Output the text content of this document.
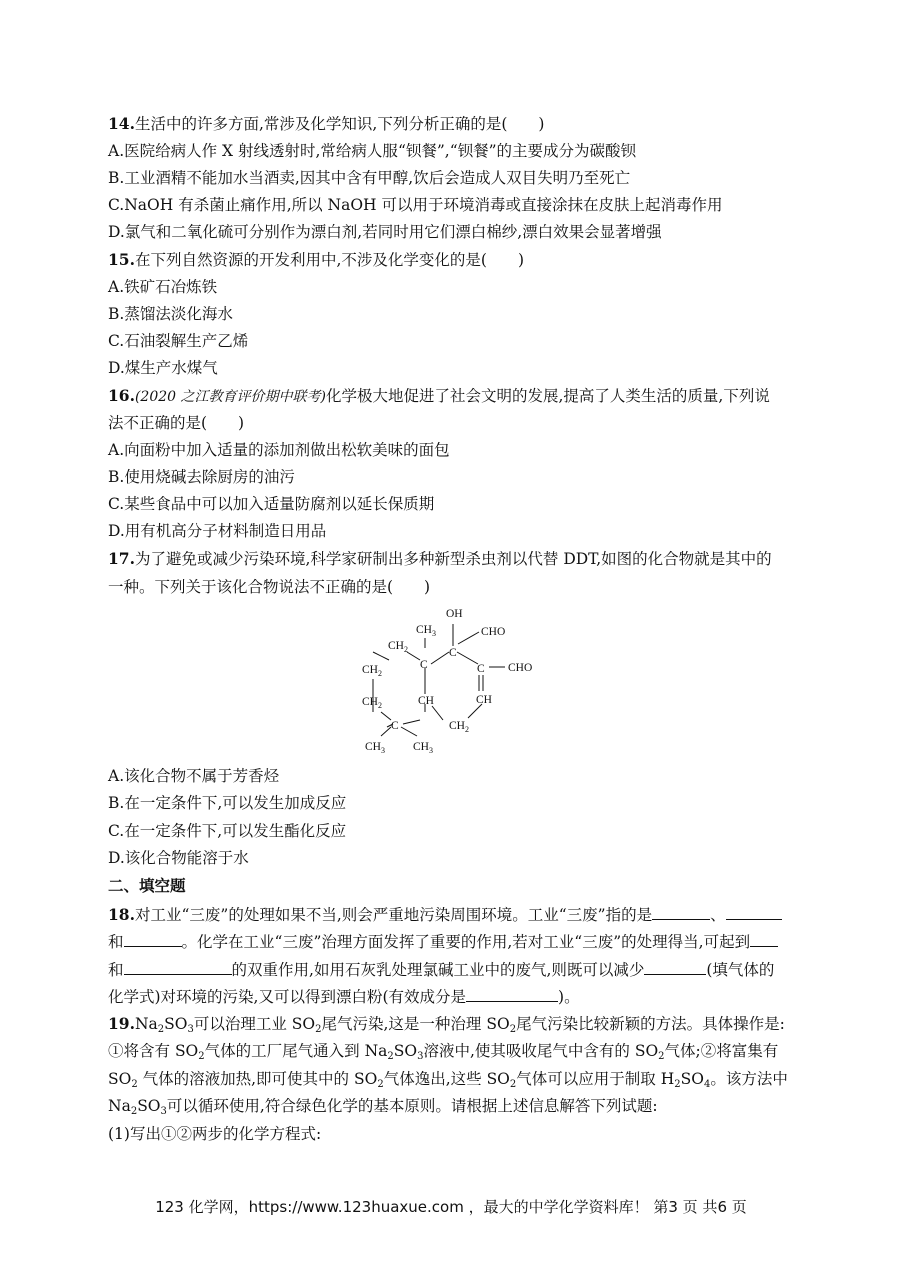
14.生活中的许多方面,常涉及化学知识,下列分析正确的是(　　)
A.医院给病人作 X 射线透射时,常给病人服“钡餐”,“钡餐”的主要成分为碳酸钡
B.工业酒精不能加水当酒卖,因其中含有甲醇,饮后会造成人双目失明乃至死亡
C.NaOH 有杀菌止痛作用,所以 NaOH 可以用于环境消毒或直接涂抹在皮肤上起消毒作用
D.氯气和二氧化硫可分别作为漂白剂,若同时用它们漂白棉纱,漂白效果会显著增强
15.在下列自然资源的开发利用中,不涉及化学变化的是(　　)
A.铁矿石冶炼铁
B.蒸馏法淡化海水
C.石油裂解生产乙烯
D.煤生产水煤气
16.(2020 之江教育评价期中联考)化学极大地促进了社会文明的发展,提高了人类生活的质量,下列说
法不正确的是(　　)
A.向面粉中加入适量的添加剂做出松软美味的面包
B.使用烧碱去除厨房的油污
C.某些食品中可以加入适量防腐剂以延长保质期
D.用有机高分子材料制造日用品
17.为了避免或减少污染环境,科学家研制出多种新型杀虫剂以代替 DDT,如图的化合物就是其中的
一种。下列关于该化合物说法不正确的是(　　)
OH
CHO
CHO
$CH_3$
$CH_2$
$CH_2$
$CH_2$
$CH_2$
C
C
C
C
CH	CH
$CH_3$ $CH_3$
A.该化合物不属于芳香烃
B.在一定条件下,可以发生加成反应
C.在一定条件下,可以发生酯化反应
D.该化合物能溶于水
二、填空题
18.对工业“三废”的处理如果不当,则会严重地污染周围环境。工业“三废”指的是	、
和	。化学在工业“三废”治理方面发挥了重要的作用,若对工业“三废”的处理得当,可起到
和	的双重作用,如用石灰乳处理氯碱工业中的废气,则既可以减少	(填气体的
化学式)对环境的污染,又可以得到漂白粉(有效成分是	)。
$19.Na_2SO_3$可以治理工业 $SO_2$尾气污染,这是一种治理 $SO_2$尾气污染比较新颖的方法。具体操作是:
①将含有 $SO_2$气体的工厂尾气通入到 $Na_2SO_3$溶液中,使其吸收尾气中含有的 $SO_2$气体;②将富集有
$SO_2$ 气体的溶液加热,即可使其中的 $SO_2$气体逸出,这些 $SO_2$气体可以应用于制取 $H_2SO_4$。该方法中
$Na_2SO_3$可以循环使用,符合绿色化学的基本原则。请根据上述信息解答下列试题:
(1)写出①②两步的化学方程式:
123 化学网，https://www.123huaxue.com ，最大的中学化学资料库！ 第3 页 共6 页
